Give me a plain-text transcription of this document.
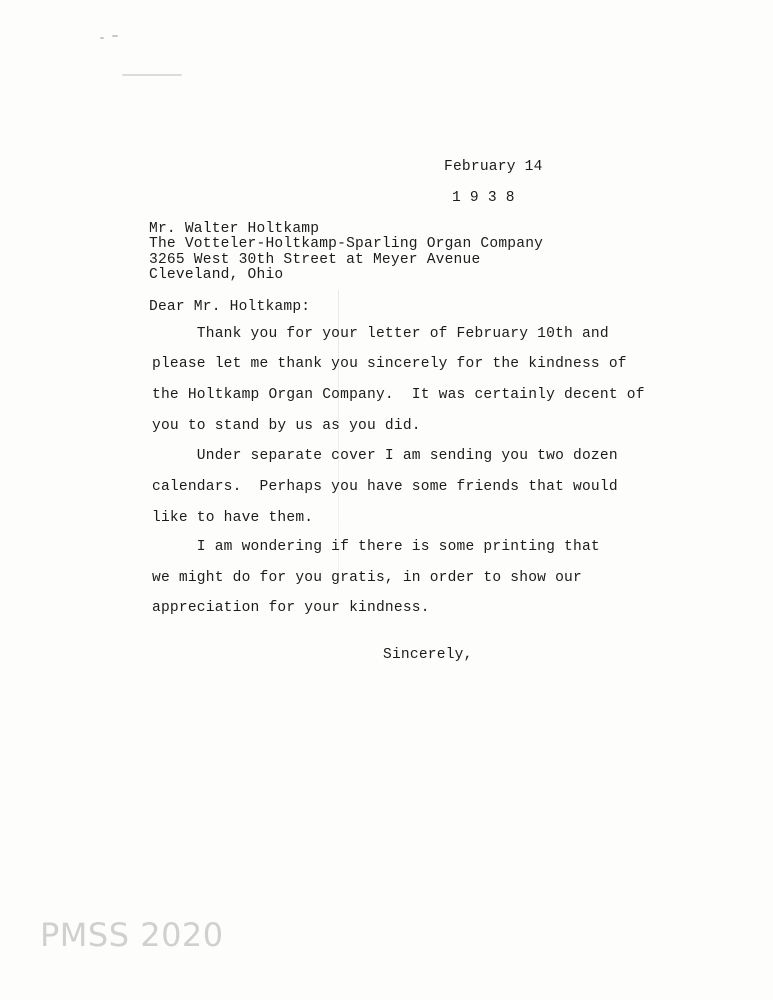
February 14
1 9 3 8
Mr. Walter Holtkamp
The Votteler-Holtkamp-Sparling Organ Company
3265 West 30th Street at Meyer Avenue
Cleveland, Ohio
Dear Mr. Holtkamp:
Thank you for your letter of February 10th and
please let me thank you sincerely for the kindness of
the Holtkamp Organ Company.  It was certainly decent of
you to stand by us as you did.
Under separate cover I am sending you two dozen
calendars.  Perhaps you have some friends that would
like to have them.
I am wondering if there is some printing that
we might do for you gratis, in order to show our
appreciation for your kindness.
Sincerely,
PMSS 2020
